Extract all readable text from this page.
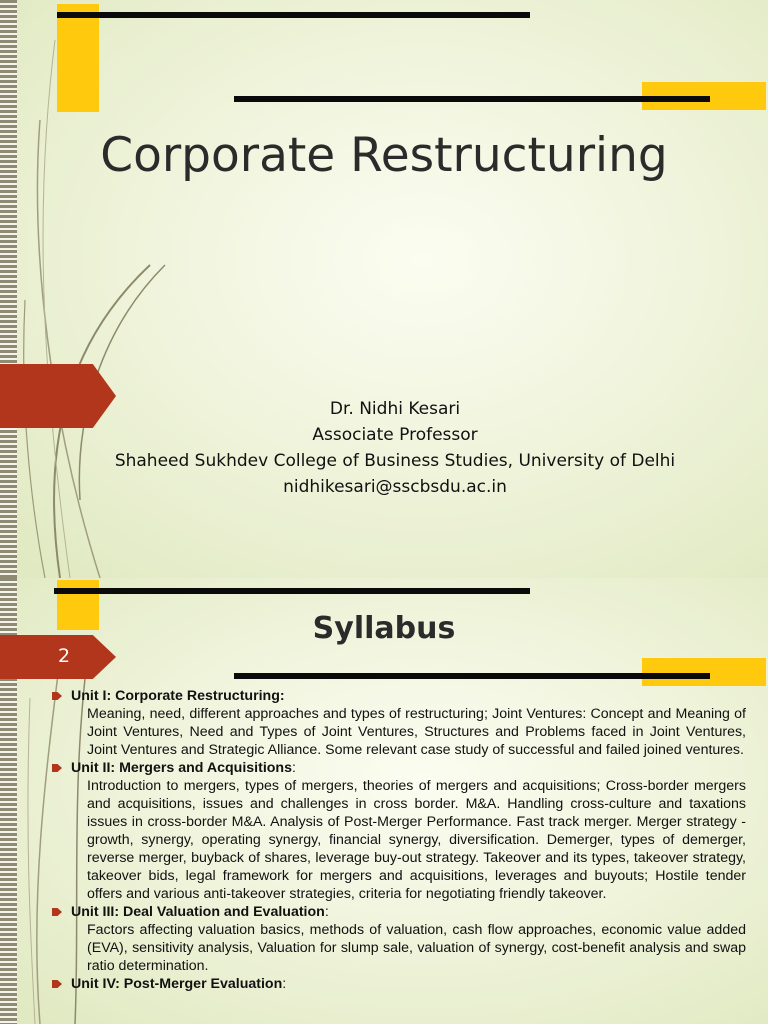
Corporate Restructuring
Dr. Nidhi Kesari
Associate Professor
Shaheed Sukhdev College of Business Studies, University of Delhi
nidhikesari@sscbsdu.ac.in
2
Syllabus
Unit I: Corporate Restructuring:
Meaning, need, different approaches and types of restructuring; Joint Ventures: Concept and Meaning of Joint Ventures, Need and Types of Joint Ventures, Structures and Problems faced in Joint Ventures, Joint Ventures and Strategic Alliance. Some relevant case study of successful and failed joined ventures.
Unit II: Mergers and Acquisitions:
Introduction to mergers, types of mergers, theories of mergers and acquisitions; Cross-border mergers and acquisitions, issues and challenges in cross border. M&A. Handling cross-culture and taxations issues in cross-border M&A. Analysis of Post-Merger Performance. Fast track merger. Merger strategy - growth, synergy, operating synergy, financial synergy, diversification. Demerger, types of demerger, reverse merger, buyback of shares, leverage buy-out strategy. Takeover and its types, takeover strategy, takeover bids, legal framework for mergers and acquisitions, leverages and buyouts; Hostile tender offers and various anti-takeover strategies, criteria for negotiating friendly takeover.
Unit III: Deal Valuation and Evaluation:
Factors affecting valuation basics, methods of valuation, cash flow approaches, economic value added (EVA), sensitivity analysis, Valuation for slump sale, valuation of synergy, cost-benefit analysis and swap ratio determination.
Unit IV: Post-Merger Evaluation:
